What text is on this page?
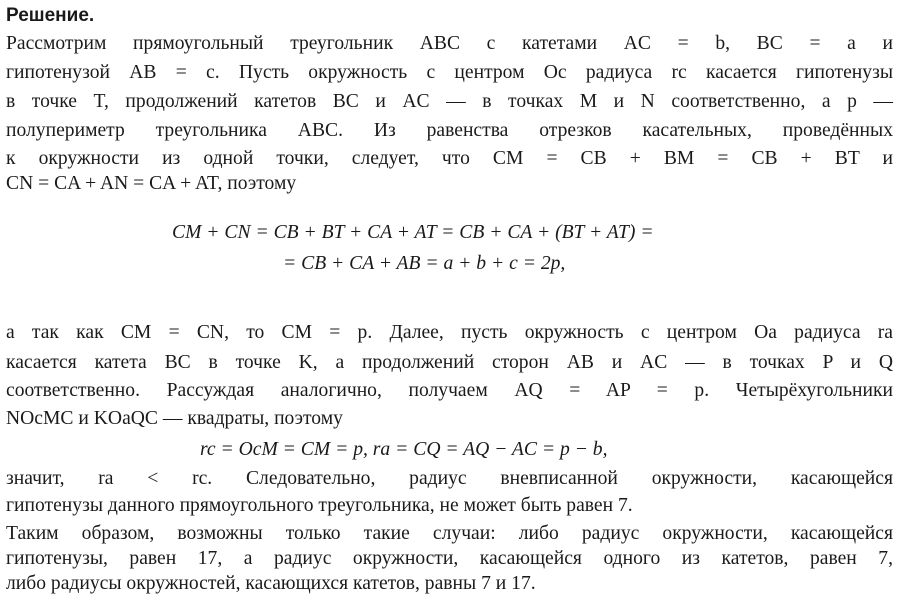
Решение.
Рассмотрим прямоугольный треугольник ABC с катетами AC = b, BC = a и
гипотенузой AB = c. Пусть окружность с центром Oc радиуса rc касается гипотенузы
в точке T, продолжений катетов BC и AC — в точках M и N соответственно, а p —
полупериметр треугольника ABC. Из равенства отрезков касательных, проведённых
к окружности из одной точки, следует, что CM = CB + BM = CB + BT и
CN = CA + AN = CA + AT, поэтому
CM + CN = CB + BT + CA + AT = CB + CA + (BT + AT) =
= CB + CA + AB = a + b + c = 2p,
а так как CM = CN, то CM = p. Далее, пусть окружность с центром Oa радиуса ra
касается катета BC в точке K, а продолжений сторон AB и AC — в точках P и Q
соответственно. Рассуждая аналогично, получаем AQ = AP = p. Четырёхугольники
NOcMC и KOaQC — квадраты, поэтому
rc = OcM = CM = p, ra = CQ = AQ − AC = p − b,
значит, ra < rc. Следовательно, радиус вневписанной окружности, касающейся
гипотенузы данного прямоугольного треугольника, не может быть равен 7.
Таким образом, возможны только такие случаи: либо радиус окружности, касающейся
гипотенузы, равен 17, а радиус окружности, касающейся одного из катетов, равен 7,
либо радиусы окружностей, касающихся катетов, равны 7 и 17.
